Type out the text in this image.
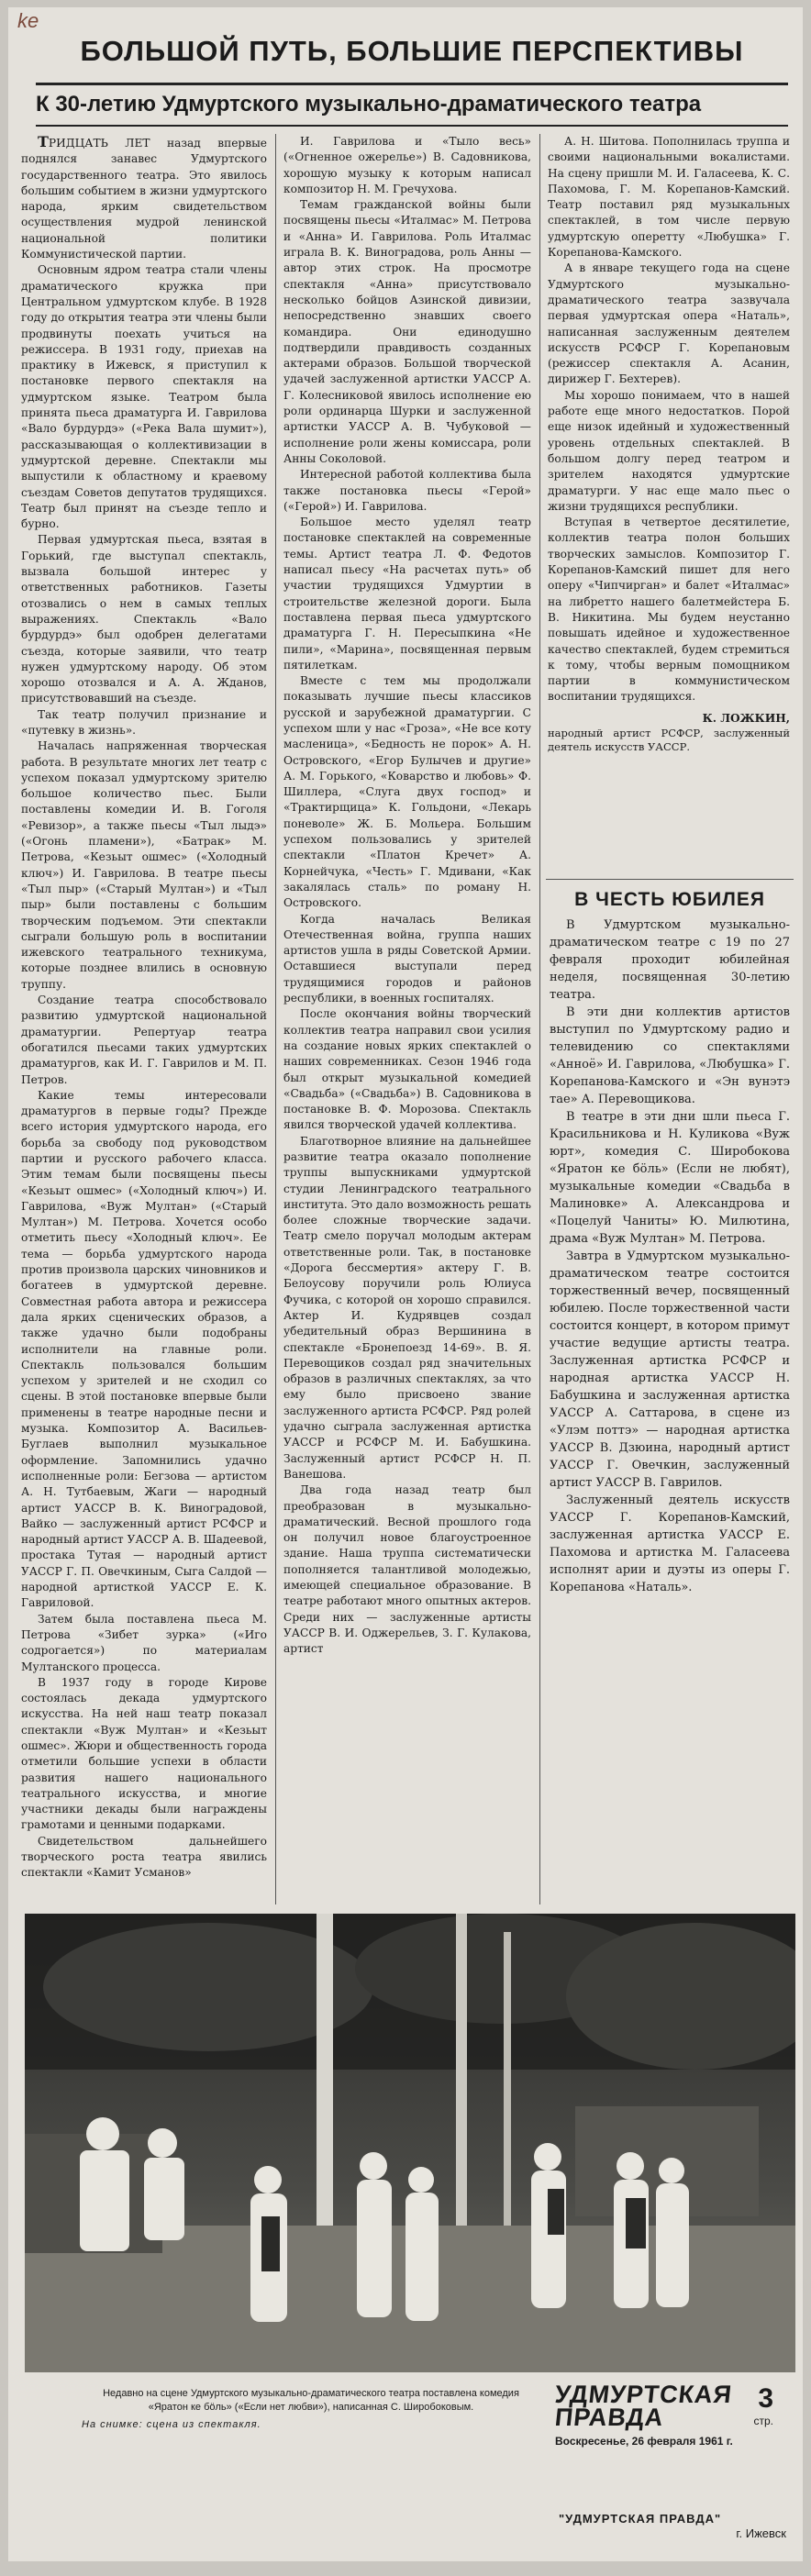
ke
БОЛЬШОЙ ПУТЬ, БОЛЬШИЕ ПЕРСПЕКТИВЫ
К 30-летию Удмуртского музыкально-драматического театра

ТРИДЦАТЬ ЛЕТ назад впервые поднялся занавес Удмуртского государственного театра. Это явилось большим событием в жизни удмуртского народа, ярким свидетельством осуществления мудрой ленинской национальной политики Коммунистической партии.

Основным ядром театра стали члены драматического кружка при Центральном удмуртском клубе. В 1928 году до открытия театра эти члены были продвинуты поехать учиться на режиссера. В 1931 году, приехав на практику в Ижевск, я приступил к постановке первого спектакля на удмуртском языке. Театром была принята пьеса драматурга И. Гаврилова «Вало бурдурдэ» («Река Вала шумит»), рассказывающая о коллективизации в удмуртской деревне. Спектакли мы выпустили к областному и краевому съездам Советов депутатов трудящихся. Театр был принят на съезде тепло и бурно.

Первая удмуртская пьеса, взятая в Горький, где выступал спектакль, вызвала большой интерес у ответственных работников. Газеты отозвались о нем в самых теплых выражениях. Спектакль «Вало бурдурдэ» был одобрен делегатами съезда, которые заявили, что театр нужен удмуртскому народу. Об этом хорошо отозвался и А. А. Жданов, присутствовавший на съезде.

Так театр получил признание и «путевку в жизнь».

Началась напряженная творческая работа. В результате многих лет театр с успехом показал удмуртскому зрителю большое количество пьес. Были поставлены комедии И. В. Гоголя «Ревизор», а также пьесы «Тыл лыдэ» («Огонь пламени»), «Батрак» М. Петрова, «Кезьыт ошмес» («Холодный ключ») И. Гаврилова. В театре пьесы «Тыл пыр» («Старый Мултан») и «Тыл пыр» были поставлены с большим творческим подъемом. Эти спектакли сыграли большую роль в воспитании ижевского театрального техникума, которые позднее влились в основную труппу.

Создание театра способствовало развитию удмуртской национальной драматургии. Репертуар театра обогатился пьесами таких удмуртских драматургов, как И. Г. Гаврилов и М. П. Петров.

Какие темы интересовали драматургов в первые годы? Прежде всего история удмуртского народа, его борьба за свободу под руководством партии и русского рабочего класса. Этим темам были посвящены пьесы «Кезьыт ошмес» («Холодный ключ») И. Гаврилова, «Вуж Мултан» («Старый Мултан») М. Петрова. Хочется особо отметить пьесу «Холодный ключ». Ее тема — борьба удмуртского народа против произвола царских чиновников и богатеев в удмуртской деревне. Совместная работа автора и режиссера дала ярких сценических образов, а также удачно были подобраны исполнители на главные роли. Спектакль пользовался большим успехом у зрителей и не сходил со сцены. В этой постановке впервые были применены в театре народные песни и музыка. Композитор А. Васильев-Буглаев выполнил музыкальное оформление. Запомнились удачно исполненные роли: Бегзова — артистом А. Н. Тутбаевым, Жаги — народный артист УАССР В. К. Виноградовой, Вайко — заслуженный артист РСФСР и народный артист УАССР А. В. Шадеевой, простака Тутая — народный артист УАССР Г. П. Овечкиным, Сыга Салдой — народной артисткой УАССР Е. К. Гавриловой.

Затем была поставлена пьеса М. Петрова «Зибет зурка» («Иго содрогается») по материалам Мултанского процесса.

В 1937 году в городе Кирове состоялась декада удмуртского искусства. На ней наш театр показал спектакли «Вуж Мултан» и «Кезьыт ошмес». Жюри и общественность города отметили большие успехи в области развития нашего национального театрального искусства, и многие участники декады были награждены грамотами и ценными подарками.

Свидетельством дальнейшего творческого роста театра явились спектакли «Камит Усманов»

И. Гаврилова и «Тыло весь» («Огненное ожерелье») В. Садовникова, хорошую музыку к которым написал композитор Н. М. Гречухова.

Темам гражданской войны были посвящены пьесы «Италмас» М. Петрова и «Анна» И. Гаврилова. Роль Италмас играла В. К. Виноградова, роль Анны — автор этих строк. На просмотре спектакля «Анна» присутствовало несколько бойцов Азинской дивизии, непосредственно знавших своего командира. Они единодушно подтвердили правдивость созданных актерами образов. Большой творческой удачей заслуженной артистки УАССР А. Г. Колесниковой явилось исполнение ею роли ординарца Шурки и заслуженной артистки УАССР А. В. Чубуковой — исполнение роли жены комиссара, роли Анны Соколовой.

Интересной работой коллектива была также постановка пьесы «Герой» («Герой») И. Гаврилова.

Большое место уделял театр постановке спектаклей на современные темы. Артист театра Л. Ф. Федотов написал пьесу «На расчетах путь» об участии трудящихся Удмуртии в строительстве железной дороги. Была поставлена первая пьеса удмуртского драматурга Г. Н. Пересыпкина «Не пили», «Марина», посвященная первым пятилеткам.

Вместе с тем мы продолжали показывать лучшие пьесы классиков русской и зарубежной драматургии. С успехом шли у нас «Гроза», «Не все коту масленица», «Бедность не порок» А. Н. Островского, «Егор Булычев и другие» А. М. Горького, «Коварство и любовь» Ф. Шиллера, «Слуга двух господ» и «Трактирщица» К. Гольдони, «Лекарь поневоле» Ж. Б. Мольера. Большим успехом пользовались у зрителей спектакли «Платон Кречет» А. Корнейчука, «Честь» Г. Мдивани, «Как закалялась сталь» по роману Н. Островского.

Когда началась Великая Отечественная война, группа наших артистов ушла в ряды Советской Армии. Оставшиеся выступали перед трудящимися городов и районов республики, в военных госпиталях.

После окончания войны творческий коллектив театра направил свои усилия на создание новых ярких спектаклей о наших современниках. Сезон 1946 года был открыт музыкальной комедией «Свадьба» («Свадьба») В. Садовникова в постановке В. Ф. Морозова. Спектакль явился творческой удачей коллектива.

Благотворное влияние на дальнейшее развитие театра оказало пополнение труппы выпускниками удмуртской студии Ленинградского театрального института. Это дало возможность решать более сложные творческие задачи. Театр смело поручал молодым актерам ответственные роли. Так, в постановке «Дорога бессмертия» актеру Г. В. Белоусову поручили роль Юлиуса Фучика, с которой он хорошо справился. Актер И. Кудрявцев создал убедительный образ Вершинина в спектакле «Бронепоезд 14-69». В. Я. Перевощиков создал ряд значительных образов в различных спектаклях, за что ему было присвоено звание заслуженного артиста РСФСР. Ряд ролей удачно сыграла заслуженная артистка УАССР и РСФСР М. И. Бабушкина. Заслуженный артист РСФСР Н. П. Ванешова.

Два года назад театр был преобразован в музыкально-драматический. Весной прошлого года он получил новое благоустроенное здание. Наша труппа систематически пополняется талантливой молодежью, имеющей специальное образование. В театре работают много опытных актеров. Среди них — заслуженные артисты УАССР В. И. Оджерельев, З. Г. Кулакова, артист

А. Н. Шитова. Пополнилась труппа и своими национальными вокалистами. На сцену пришли М. И. Галасеева, К. С. Пахомова, Г. М. Корепанов-Камский. Театр поставил ряд музыкальных спектаклей, в том числе первую удмуртскую оперетту «Любушка» Г. Корепанова-Камского.

А в январе текущего года на сцене Удмуртского музыкально-драматического театра зазвучала первая удмуртская опера «Наталь», написанная заслуженным деятелем искусств РСФСР Г. Корепановым (режиссер спектакля А. Асанин, дирижер Г. Бехтерев).

Мы хорошо понимаем, что в нашей работе еще много недостатков. Порой еще низок идейный и художественный уровень отдельных спектаклей. В большом долгу перед театром и зрителем находятся удмуртские драматурги. У нас еще мало пьес о жизни трудящихся республики.

Вступая в четвертое десятилетие, коллектив театра полон больших творческих замыслов. Композитор Г. Корепанов-Камский пишет для него оперу «Чипчирган» и балет «Италмас» на либретто нашего балетмейстера Б. В. Никитина. Мы будем неустанно повышать идейное и художественное качество спектаклей, будем стремиться к тому, чтобы верным помощником партии в коммунистическом воспитании трудящихся.

К. ЛОЖКИН,

народный артист РСФСР, заслуженный деятель искусств УАССР.

В ЧЕСТЬ ЮБИЛЕЯ

В Удмуртском музыкально-драматическом театре с 19 по 27 февраля проходит юбилейная неделя, посвященная 30-летию театра.

В эти дни коллектив артистов выступил по Удмуртскому радио и телевидению со спектаклями «Анноё» И. Гаврилова, «Любушка» Г. Корепанова-Камского и «Эн вунэтэ тае» А. Перевощикова.

В театре в эти дни шли пьеса Г. Красильникова и Н. Куликова «Вуж юрт», комедия С. Широбокова «Яратон ке бöль» (Если не любят), музыкальные комедии «Свадьба в Малиновке» А. Александрова и «Поцелуй Чаниты» Ю. Милютина, драма «Вуж Мултан» М. Петрова.

Завтра в Удмуртском музыкально-драматическом театре состоится торжественный вечер, посвященный юбилею. После торжественной части состоится концерт, в котором примут участие ведущие артисты театра. Заслуженная артистка РСФСР и народная артистка УАССР Н. Бабушкина и заслуженная артистка УАССР А. Саттарова, в сцене из «Улэм поттэ» — народная артистка УАССР В. Дзюина, народный артист УАССР Г. Овечкин, заслуженный артист УАССР В. Гаврилов.

Заслуженный деятель искусств УАССР Г. Корепанов-Камский, заслуженная артистка УАССР Е. Пахомова и артистка М. Галасеева исполнят арии и дуэты из оперы Г. Корепанова «Наталь».

Недавно на сцене Удмуртского музыкально-драматического театра поставлена комедия «Яратон ке бöль» («Если нет любви»), написанная С. Широбоковым.
На снимке: сцена из спектакля.
УДМУРТСКАЯ
ПРАВДА
3
стр.
Воскресенье, 26 февраля 1961 г.
"УДМУРТСКАЯ ПРАВДА"
г. Ижевск
